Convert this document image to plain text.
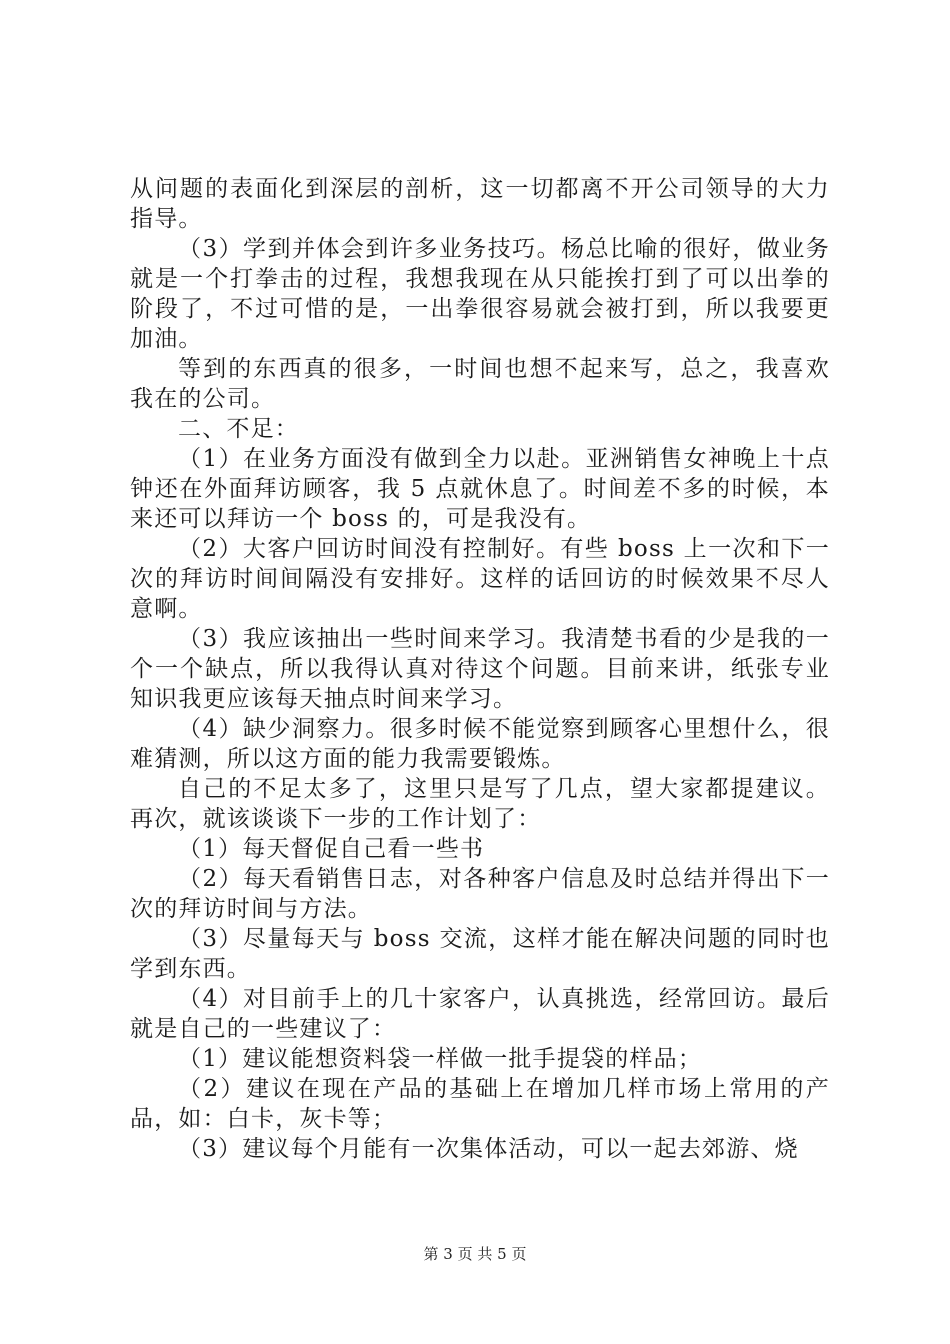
从问题的表面化到深层的剖析，这一切都离不开公司领导的大力指导。

（3）学到并体会到许多业务技巧。杨总比喻的很好，做业务就是一个打拳击的过程，我想我现在从只能挨打到了可以出拳的阶段了，不过可惜的是，一出拳很容易就会被打到，所以我要更加油。

等到的东西真的很多，一时间也想不起来写，总之，我喜欢我在的公司。

二、不足：

（1）在业务方面没有做到全力以赴。亚洲销售女神晚上十点钟还在外面拜访顾客，我 5 点就休息了。时间差不多的时候，本来还可以拜访一个 boss 的，可是我没有。

（2）大客户回访时间没有控制好。有些 boss 上一次和下一次的拜访时间间隔没有安排好。这样的话回访的时候效果不尽人意啊。

（3）我应该抽出一些时间来学习。我清楚书看的少是我的一个一个缺点，所以我得认真对待这个问题。目前来讲，纸张专业知识我更应该每天抽点时间来学习。

（4）缺少洞察力。很多时候不能觉察到顾客心里想什么，很难猜测，所以这方面的能力我需要锻炼。

自己的不足太多了，这里只是写了几点，望大家都提建议。再次，就该谈谈下一步的工作计划了：

（1）每天督促自己看一些书

（2）每天看销售日志，对各种客户信息及时总结并得出下一次的拜访时间与方法。

（3）尽量每天与 boss 交流，这样才能在解决问题的同时也学到东西。

（4）对目前手上的几十家客户，认真挑选，经常回访。最后就是自己的一些建议了：

（1）建议能想资料袋一样做一批手提袋的样品；

（2）建议在现在产品的基础上在增加几样市场上常用的产品，如：白卡，灰卡等；

（3）建议每个月能有一次集体活动，可以一起去郊游、烧

第 3 页 共 5 页
